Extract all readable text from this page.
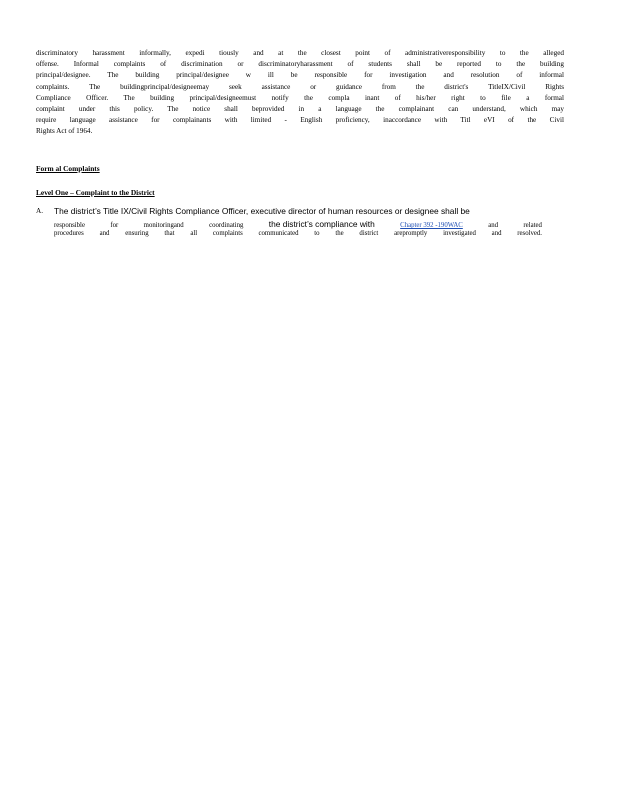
discriminatory harassment informally, expedi tiously and at the closest point of administrativeresponsibility to the alleged
offense. Informal complaints of discrimination or discriminatoryharassment of students shall be reported to the building
principal/designee. The building principal/designee w ill be responsible for investigation and resolution of informal
complaints. The buildingprincipal/designeemay seek assistance or guidance from the district's TitleIX/Civil Rights
Compliance Officer. The building principal/designeemust notify the compla inant of his/her right to file a formal
complaint under this policy. The notice shall beprovided in a language the complainant can understand, which may
require language assistance for complainants with limited - English proficiency, inaccordance with Titl eVI of the Civil
Rights Act of 1964.
Form al Complaints
Level One – Complaint to the District
A. The district’s Title IX/Civil Rights Compliance Officer, executive director of human resources or designee shall be
responsible	for	monitoringand	coordinating	the district’s compliance with	Chapter 392 -190WAC	and	related
procedures and ensuring that all complaints communicated to the district arepromptly investigated and resolved.
